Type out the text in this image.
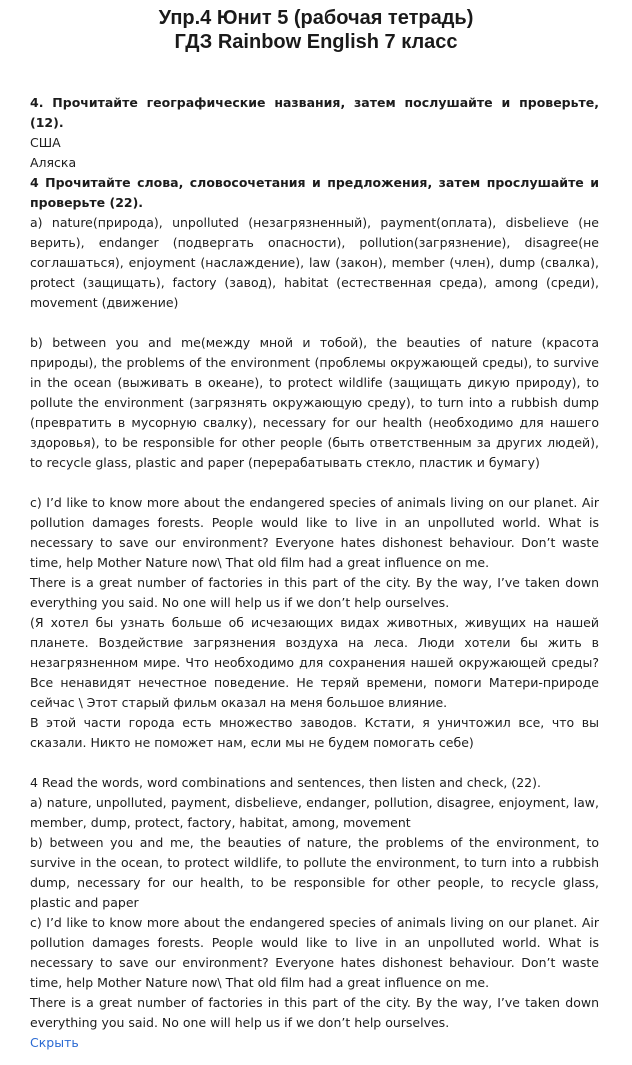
Упр.4 Юнит 5 (рабочая тетрадь)
ГДЗ Rainbow English 7 класс

4. Прочитайте географические названия, затем послушайте и проверьте, (12).

США

Аляска

4 Прочитайте слова, словосочетания и предложения, затем прослушайте и проверьте (22).

a) nature(природа), unpolluted (незагрязненный), payment(оплата), disbelieve (не верить), endanger (подвергать опасности), pollution(загрязнение), disagree(не соглашаться), enjoyment (наслаждение), law (закон), member (член), dump (свалка), protect (защищать), factory (завод), habitat (естественная среда), among (среди), movement (движение)

b) between you and me(между мной и тобой), the beauties of nature (красота природы), the problems of the environment (проблемы окружающей среды), to survive in the ocean (выживать в океане), to protect wildlife (защищать дикую природу), to pollute the environment (загрязнять окружающую среду), to turn into a rubbish dump (превратить в мусорную свалку), necessary for our health (необходимо для нашего здоровья), to be responsible for other people (быть ответственным за других людей), to recycle glass, plastic and paper (перерабатывать стекло, пластик и бумагу)

c) I’d like to know more about the endangered species of animals living on our planet. Air pollution damages forests. People would like to live in an unpolluted world. What is necessary to save our environment? Everyone hates dishonest behaviour. Don’t waste time, help Mother Nature now\ That old film had a great influence on me.

There is a great number of factories in this part of the city. By the way, I’ve taken down everything you said. No one will help us if we don’t help ourselves.

(Я хотел бы узнать больше об исчезающих видах животных, живущих на нашей планете. Воздействие загрязнения воздуха на леса. Люди хотели бы жить в незагрязненном мире. Что необходимо для сохранения нашей окружающей среды? Все ненавидят нечестное поведение. Не теряй времени, помоги Матери-природе сейчас \ Этот старый фильм оказал на меня большое влияние.

В этой части города есть множество заводов. Кстати, я уничтожил все, что вы сказали. Никто не поможет нам, если мы не будем помогать себе)

4 Read the words, word combinations and sentences, then listen and check, (22).

a) nature, unpolluted, payment, disbelieve, endanger, pollution, disagree, enjoyment, law, member, dump, protect, factory, habitat, among, movement

b) between you and me, the beauties of nature, the problems of the environment, to survive in the ocean, to protect wildlife, to pollute the environment, to turn into a rubbish dump, necessary for our health, to be responsible for other people, to recycle glass, plastic and paper

c) I’d like to know more about the endangered species of animals living on our planet. Air pollution damages forests. People would like to live in an unpolluted world. What is necessary to save our environment? Everyone hates dishonest behaviour. Don’t waste time, help Mother Nature now\ That old film had a great influence on me.

There is a great number of factories in this part of the city. By the way, I’ve taken down everything you said. No one will help us if we don’t help ourselves.

Скрыть
